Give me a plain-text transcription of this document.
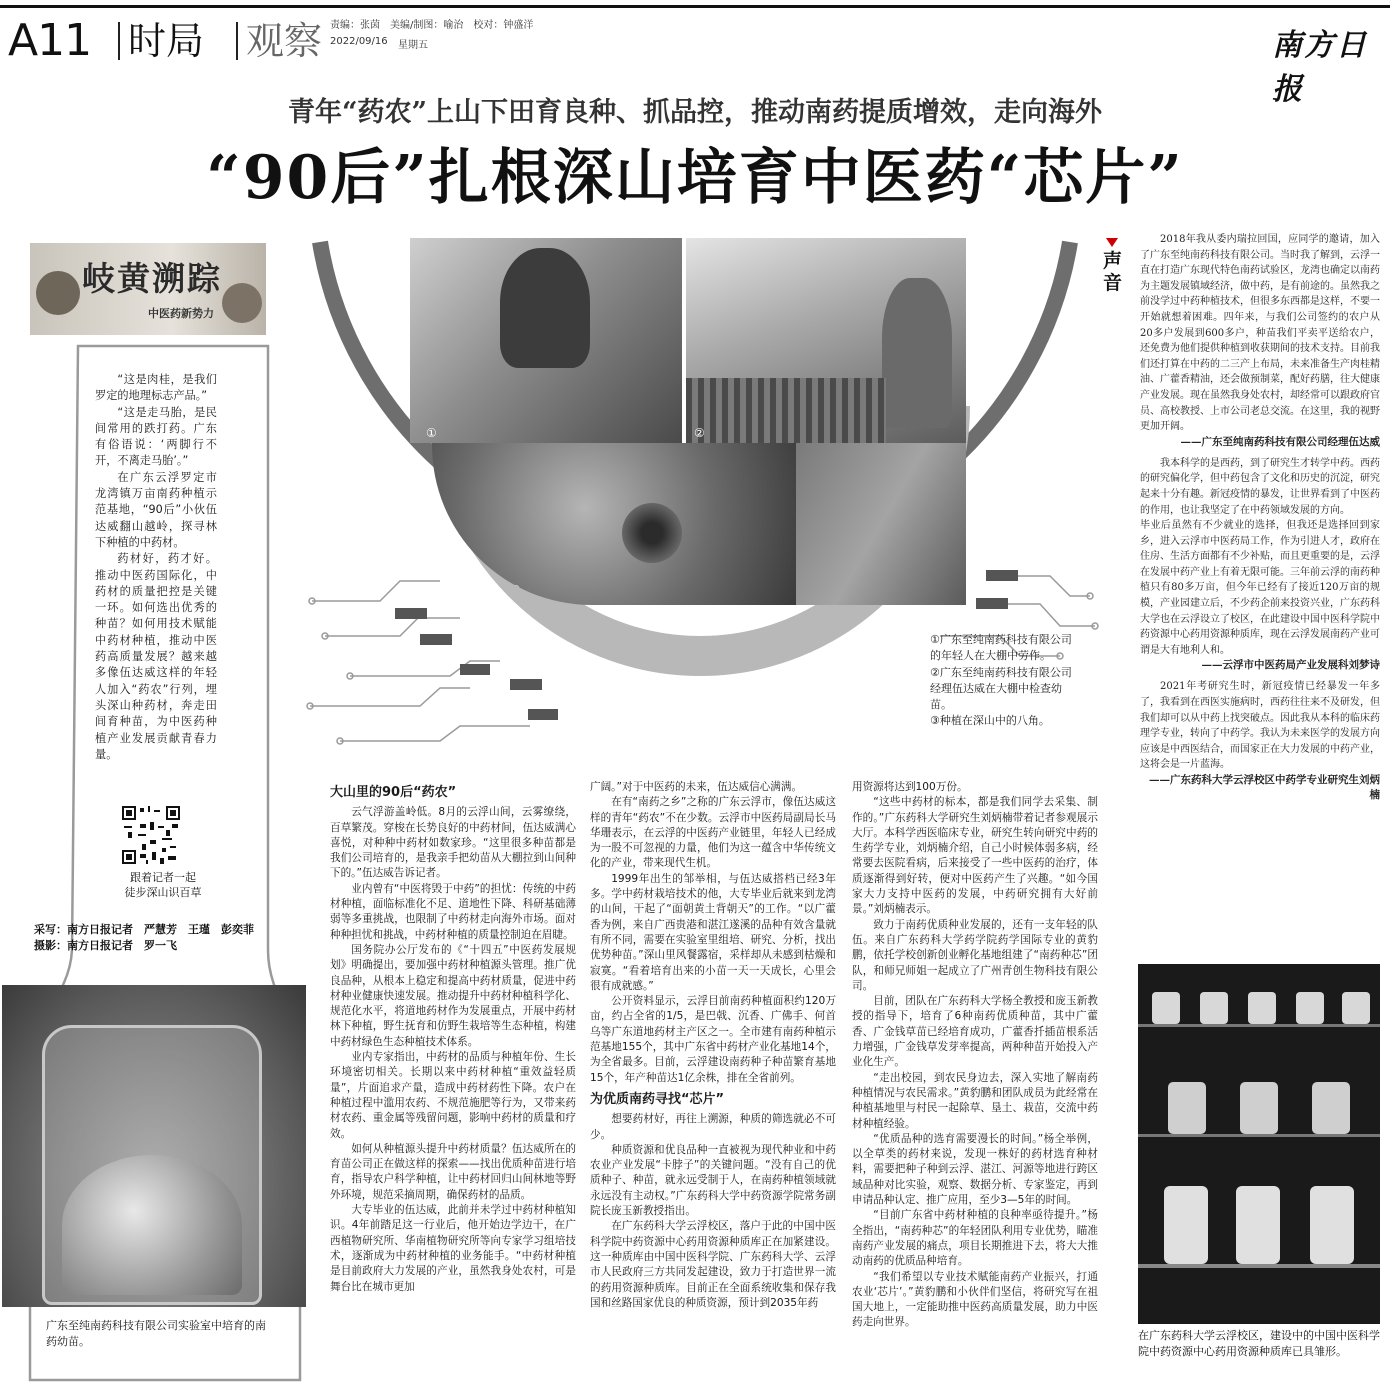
A11 时局 观察 责编：张茵　美编/制图：喻治　校对：钟盛洋
2022/09/16 星期五	南方日报
青年“药农”上山下田育良种、抓品控，推动南药提质增效，走向海外
“90后”扎根深山培育中医药“芯片”
岐黄溯踪
中医药新势力

“这是肉桂，是我们罗定的地理标志产品。”

“这是走马胎，是民间常用的跌打药。广东有俗语说：‘两脚行不开，不离走马胎’。”

在广东云浮罗定市龙湾镇万亩南药种植示范基地，“90后”小伙伍达威翻山越岭，探寻林下种植的中药材。

药材好，药才好。推动中医药国际化，中药材的质量把控是关键一环。如何选出优秀的种苗？如何用技术赋能中药材种植，推动中医药高质量发展？越来越多像伍达威这样的年轻人加入“药农”行列，埋头深山种药材，奔走田间育种苗，为中医药种植产业发展贡献青春力量。

跟着记者一起
徒步深山识百草
采写：南方日报记者　严慧芳　王瑾　彭奕菲
摄影：南方日报记者　罗一飞
广东至纯南药科技有限公司实验室中培育的南药幼苗。
①	②
③
①广东至纯南药科技有限公司的年轻人在大棚中劳作。
②广东至纯南药科技有限公司经理伍达威在大棚中检查幼苗。
③种植在深山中的八角。
大山里的90后“药农”

云气浮游盖岭低。8月的云浮山间，云雾缭绕，百草繁茂。穿梭在长势良好的中药材间，伍达威满心喜悦，对种种中药材如数家珍。“这里很多种苗都是我们公司培育的，是我亲手把幼苗从大棚拉到山间种下的。”伍达威告诉记者。

业内曾有“中医将毁于中药”的担忧：传统的中药材种植，面临标准化不足、道地性下降、科研基础薄弱等多重挑战，也限制了中药材走向海外市场。面对种种担忧和挑战，中药材种植的质量控制迫在眉睫。

国务院办公厅发布的《“十四五”中医药发展规划》明确提出，要加强中药材种植源头管理。推广优良品种，从根本上稳定和提高中药材质量，促进中药材种业健康快速发展。推动提升中药材种植科学化、规范化水平，将道地药材作为发展重点，开展中药材林下种植，野生抚育和仿野生栽培等生态种植，构建中药材绿色生态种植技术体系。

业内专家指出，中药材的品质与种植年份、生长环境密切相关。长期以来中药材种植“重效益轻质量”，片面追求产量，造成中药材药性下降。农户在种植过程中滥用农药、不规范施肥等行为，又带来药材农药、重金属等残留问题，影响中药材的质量和疗效。

如何从种植源头提升中药材质量？伍达威所在的育苗公司正在做这样的探索——找出优质种苗进行培育，指导农户科学种植，让中药材回归山间林地等野外环境，规范采摘周期，确保药材的品质。

大专毕业的伍达威，此前并未学过中药材种植知识。4年前踏足这一行业后，他开始边学边干，在广西植物研究所、华南植物研究所等向专家学习组培技术，逐渐成为中药材种植的业务能手。“中药材种植是目前政府大力发展的产业，虽然我身处农村，可是舞台比在城市更加

广阔。”对于中医药的未来，伍达威信心满满。

在有“南药之乡”之称的广东云浮市，像伍达威这样的青年“药农”不在少数。云浮市中医药局副局长马华珊表示，在云浮的中医药产业链里，年轻人已经成为一股不可忽视的力量，他们为这一蕴含中华传统文化的产业，带来现代生机。

1999年出生的邹举相，与伍达威搭档已经3年多。学中药材栽培技术的他，大专毕业后就来到龙湾的山间，干起了“面朝黄土背朝天”的工作。“以广藿香为例，来自广西贵港和湛江遂溪的品种有效含量就有所不同，需要在实验室里组培、研究、分析，找出优势种苗。”深山里风餐露宿，采样却从未感到枯燥和寂寞。“看着培育出来的小苗一天一天成长，心里会很有成就感。”

公开资料显示，云浮目前南药种植面积约120万亩，约占全省的1/5，是巴戟、沉香、广佛手、何首乌等广东道地药材主产区之一。全市建有南药种植示范基地155个，其中广东省中药材产业化基地14个，为全省最多。目前，云浮建设南药种子种苗繁育基地15个，年产种苗达1亿余株，排在全省前列。

为优质南药寻找“芯片”

想要药材好，再往上溯源，种质的筛选就必不可少。

种质资源和优良品种一直被视为现代种业和中药农业产业发展“卡脖子”的关键问题。“没有自己的优质种子、种苗，就永远受制于人，在南药种植领域就永远没有主动权。”广东药科大学中药资源学院常务副院长庞玉新教授指出。

在广东药科大学云浮校区，落户于此的中国中医科学院中药资源中心药用资源种质库正在加紧建设。这一种质库由中国中医科学院、广东药科大学、云浮市人民政府三方共同发起建设，致力于打造世界一流的药用资源种质库。目前正在全面系统收集和保存我国和丝路国家优良的种质资源，预计到2035年药

用资源将达到100万份。

“这些中药材的标本，都是我们同学去采集、制作的。”广东药科大学研究生刘炳楠带着记者参观展示大厅。本科学西医临床专业，研究生转向研究中药的生药学专业，刘炳楠介绍，自己小时候体弱多病，经常要去医院看病，后来接受了一些中医药的治疗，体质逐渐得到好转，便对中医药产生了兴趣。“如今国家大力支持中医药的发展，中药研究拥有大好前景。”刘炳楠表示。

致力于南药优质种业发展的，还有一支年轻的队伍。来自广东药科大学药学院药学国际专业的黄豹鹏，依托学校创新创业孵化基地组建了“南药种芯”团队，和师兄师姐一起成立了广州青创生物科技有限公司。

目前，团队在广东药科大学杨全教授和庞玉新教授的指导下，培育了6种南药优质种苗，其中广藿香、广金钱草苗已经培育成功，广藿香扦插苗根系活力增强，广金钱草发芽率提高，两种种苗开始投入产业化生产。

“走出校园，到农民身边去，深入实地了解南药种植情况与农民需求。”黄豹鹏和团队成员为此经常在种植基地里与村民一起除草、垦土、栽苗，交流中药材种植经验。

“优质品种的选育需要漫长的时间。”杨全举例，以全草类的药材来说，发现一株好的药材选育种材料，需要把种子种到云浮、湛江、河源等地进行跨区域品种对比实验，观察、数据分析、专家鉴定，再到申请品种认定、推广应用，至少3—5年的时间。

“目前广东省中药材种植的良种率亟待提升。”杨全指出，“南药种芯”的年轻团队利用专业优势，瞄准南药产业发展的痛点，项目长期推进下去，将大大推动南药的优质品种培育。

“我们希望以专业技术赋能南药产业振兴，打通农业‘芯片’。”黄豹鹏和小伙伴们坚信，将研究写在祖国大地上，一定能助推中医药高质量发展，助力中医药走向世界。

声音

2018年我从委内瑞拉回国，应同学的邀请，加入了广东至纯南药科技有限公司。当时我了解到，云浮一直在打造广东现代特色南药试验区，龙湾也确定以南药为主题发展镇域经济，做中药，是有前途的。虽然我之前没学过中药种植技术，但很多东西都是这样，不要一开始就想着困难。四年来，与我们公司签约的农户从20多户发展到600多户，种苗我们平卖平送给农户，还免费为他们提供种植到收获期间的技术支持。目前我们还打算在中药的二三产上布局，未来准备生产肉桂精油、广藿香精油，还会做预制菜，配好药膳，往大健康产业发展。现在虽然我身处农村，却经常可以跟政府官员、高校教授、上市公司老总交流。在这里，我的视野更加开阔。

——广东至纯南药科技有限公司经理伍达威

我本科学的是西药，到了研究生才转学中药。西药的研究偏化学，但中药包含了文化和历史的沉淀，研究起来十分有趣。新冠疫情的暴发，让世界看到了中医药的作用，也让我坚定了在中药领域发展的方向。
毕业后虽然有不少就业的选择，但我还是选择回到家乡，进入云浮市中医药局工作，作为引进人才，政府在住房、生活方面都有不少补贴，而且更重要的是，云浮在发展中药产业上有着无限可能。三年前云浮的南药种植只有80多万亩，但今年已经有了接近120万亩的规模，产业园建立后，不少药企前来投资兴业，广东药科大学也在云浮设立了校区，在此建设中国中医科学院中药资源中心药用资源种质库，现在云浮发展南药产业可谓是大有地利人和。

——云浮市中医药局产业发展科刘梦诗

2021年考研究生时，新冠疫情已经暴发一年多了，我看到在西医实施病时，西药往往来不及研发，但我们却可以从中药上找突破点。因此我从本科的临床药理学专业，转向了中药学。我认为未来医学的发展方向应该是中西医结合，而国家正在大力发展的中药产业，这将会是一片蓝海。

——广东药科大学云浮校区中药学专业研究生刘炳楠
在广东药科大学云浮校区，建设中的中国中医科学院中药资源中心药用资源种质库已具雏形。
